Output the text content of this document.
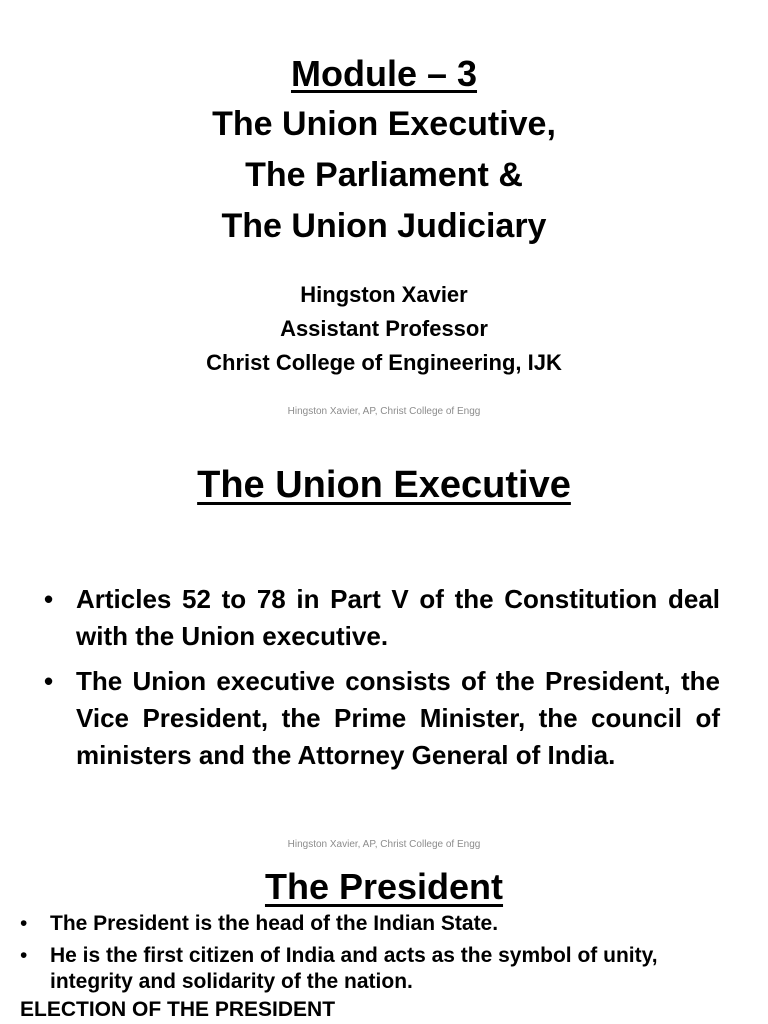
Module – 3
The Union Executive,
The Parliament &
The Union Judiciary
Hingston Xavier
Assistant Professor
Christ College of Engineering, IJK
Hingston Xavier, AP, Christ College of Engg
The Union Executive
• Articles 52 to 78 in Part V of the Constitution deal with the Union executive.
• The Union executive consists of the President, the Vice President, the Prime Minister, the council of ministers and the Attorney General of India.
Hingston Xavier, AP, Christ College of Engg
The President
• The President is the head of the Indian State.
• He is the first citizen of India and acts as the symbol of unity, integrity and solidarity of the nation.
ELECTION OF THE PRESIDENT
